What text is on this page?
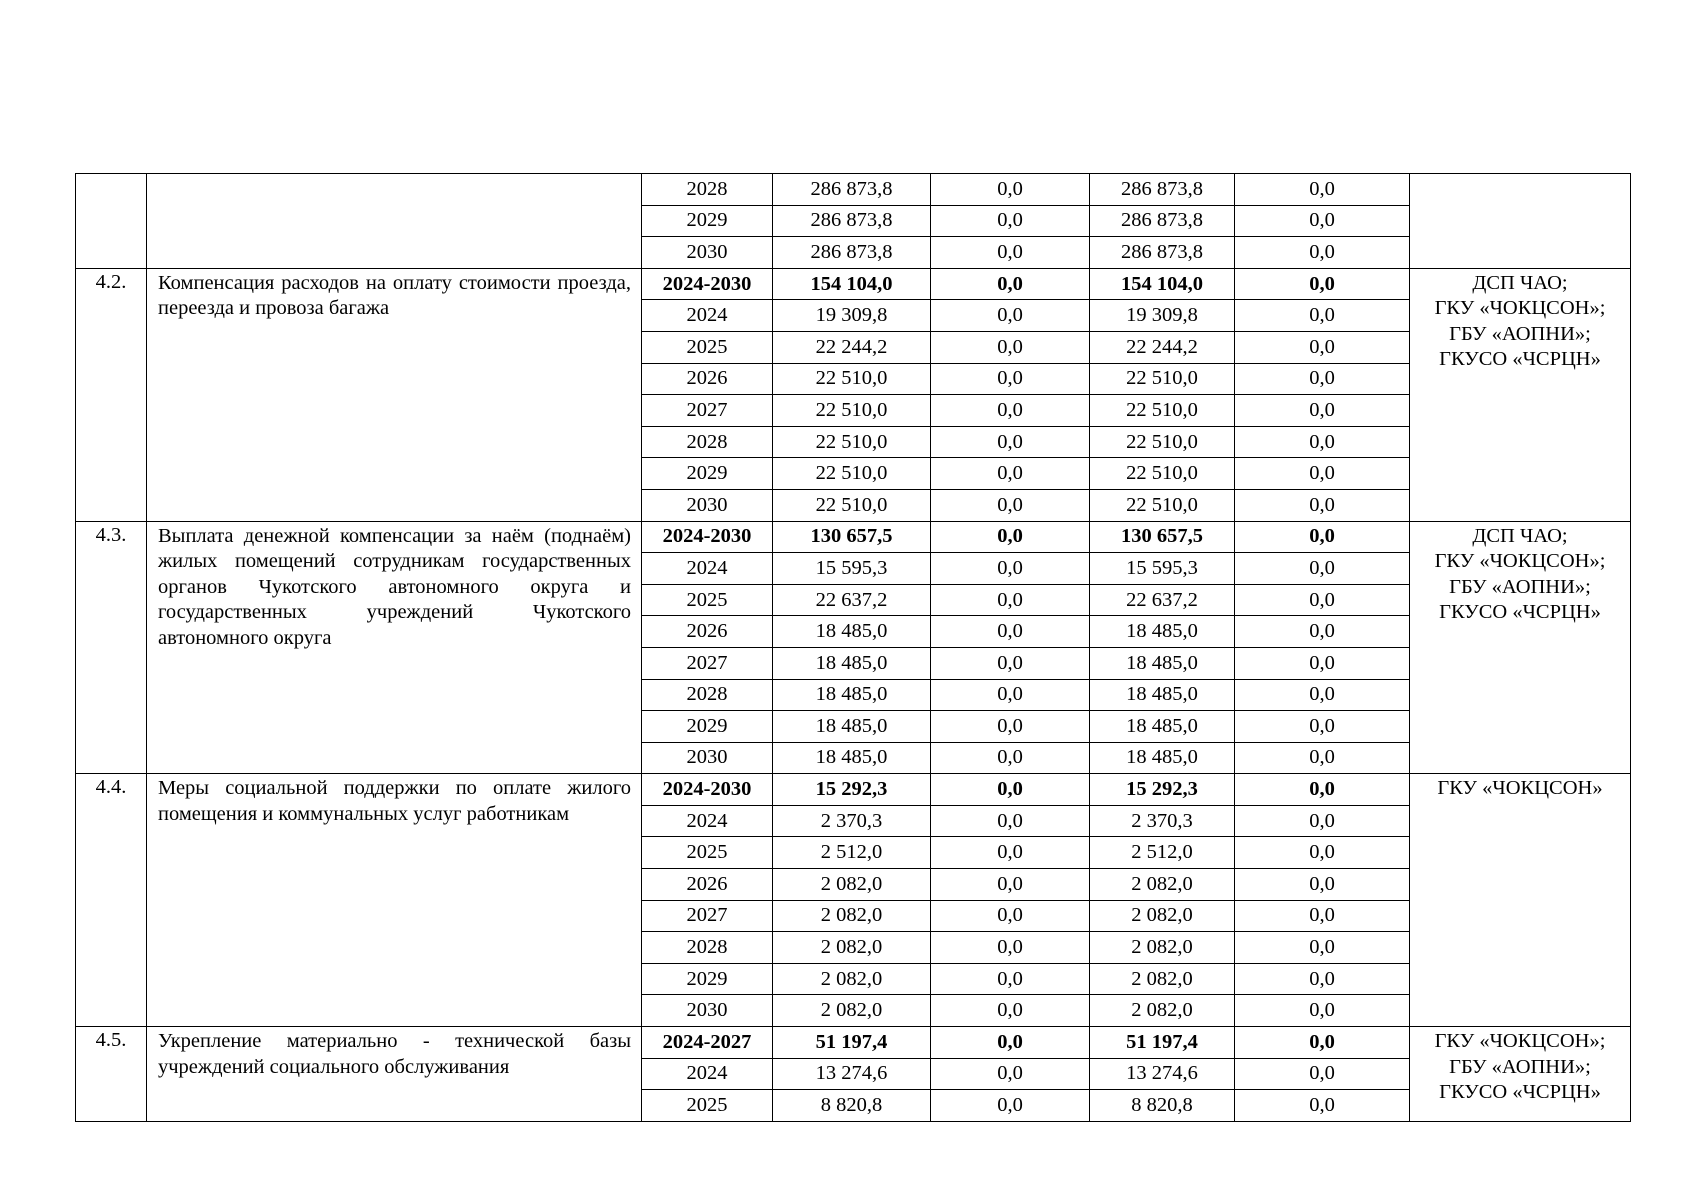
		2028	286 873,8	0,0	286 873,8	0,0	
		2029	286 873,8	0,0	286 873,8	0,0	
		2030	286 873,8	0,0	286 873,8	0,0	
4.2.	Компенсация расходов на оплату стоимости проезда, переезда и провоза багажа	2024-2030	154 104,0	0,0	154 104,0	0,0	ДСП ЧАО;
ГКУ «ЧОКЦСОН»;
ГБУ «АОПНИ»;
ГКУСО «ЧСРЦН»

		2024	19 309,8	0,0	19 309,8	0,0	
		2025	22 244,2	0,0	22 244,2	0,0	
		2026	22 510,0	0,0	22 510,0	0,0	
		2027	22 510,0	0,0	22 510,0	0,0	
		2028	22 510,0	0,0	22 510,0	0,0	
		2029	22 510,0	0,0	22 510,0	0,0	
		2030	22 510,0	0,0	22 510,0	0,0	
4.3.	Выплата денежной компенсации за наём (поднаём) жилых помещений сотрудникам государственных органов Чукотского автономного округа и государственных учреждений Чукотского автономного округа	2024-2030	130 657,5	0,0	130 657,5	0,0	ДСП ЧАО;
ГКУ «ЧОКЦСОН»;
ГБУ «АОПНИ»;
ГКУСО «ЧСРЦН»

		2024	15 595,3	0,0	15 595,3	0,0	
		2025	22 637,2	0,0	22 637,2	0,0	
		2026	18 485,0	0,0	18 485,0	0,0	
		2027	18 485,0	0,0	18 485,0	0,0	
		2028	18 485,0	0,0	18 485,0	0,0	
		2029	18 485,0	0,0	18 485,0	0,0	
		2030	18 485,0	0,0	18 485,0	0,0	
4.4.	Меры социальной поддержки по оплате жилого помещения и коммунальных услуг работникам	2024-2030	15 292,3	0,0	15 292,3	0,0	ГКУ «ЧОКЦСОН»

		2024	2 370,3	0,0	2 370,3	0,0	
		2025	2 512,0	0,0	2 512,0	0,0	
		2026	2 082,0	0,0	2 082,0	0,0	
		2027	2 082,0	0,0	2 082,0	0,0	
		2028	2 082,0	0,0	2 082,0	0,0	
		2029	2 082,0	0,0	2 082,0	0,0	
		2030	2 082,0	0,0	2 082,0	0,0	
4.5.	Укрепление материально - технической базы учреждений социального обслуживания	2024-2027	51 197,4	0,0	51 197,4	0,0	ГКУ «ЧОКЦСОН»;
ГБУ «АОПНИ»;
ГКУСО «ЧСРЦН»

		2024	13 274,6	0,0	13 274,6	0,0	
		2025	8 820,8	0,0	8 820,8	0,0	
